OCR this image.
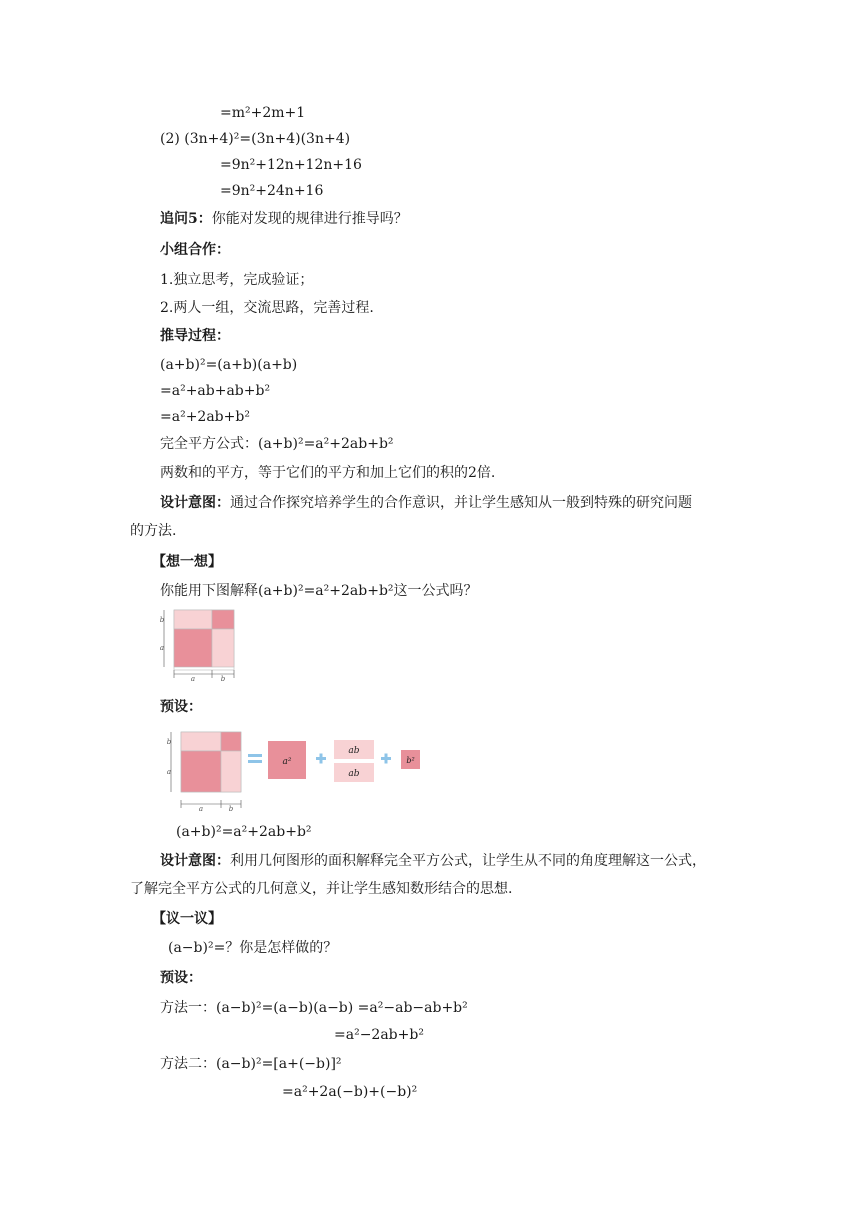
=m²+2m+1
(2) (3n+4)²=(3n+4)(3n+4)
=9n²+12n+12n+16
=9n²+24n+16
追问5：你能对发现的规律进行推导吗？
小组合作：
1.独立思考，完成验证；
2.两人一组，交流思路，完善过程.
推导过程：
(a+b)²=(a+b)(a+b)
=a²+ab+ab+b²
=a²+2ab+b²
完全平方公式：(a+b)²=a²+2ab+b²
两数和的平方，等于它们的平方和加上它们的积的2倍.
设计意图：通过合作探究培养学生的合作意识，并让学生感知从一般到特殊的研究问题
的方法.
【想一想】
你能用下图解释(a+b)²=a²+2ab+b²这一公式吗？
a	b
b
a
预设：
a	b
b
a
a²
ab
ab
b²
(a+b)²=a²+2ab+b²
设计意图：利用几何图形的面积解释完全平方公式，让学生从不同的角度理解这一公式，
了解完全平方公式的几何意义，并让学生感知数形结合的思想.
【议一议】
(a−b)²=？你是怎样做的？
预设：
方法一：(a−b)²=(a−b)(a−b) =a²−ab−ab+b²
=a²−2ab+b²
方法二：(a−b)²=[a+(−b)]²
=a²+2a(−b)+(−b)²
